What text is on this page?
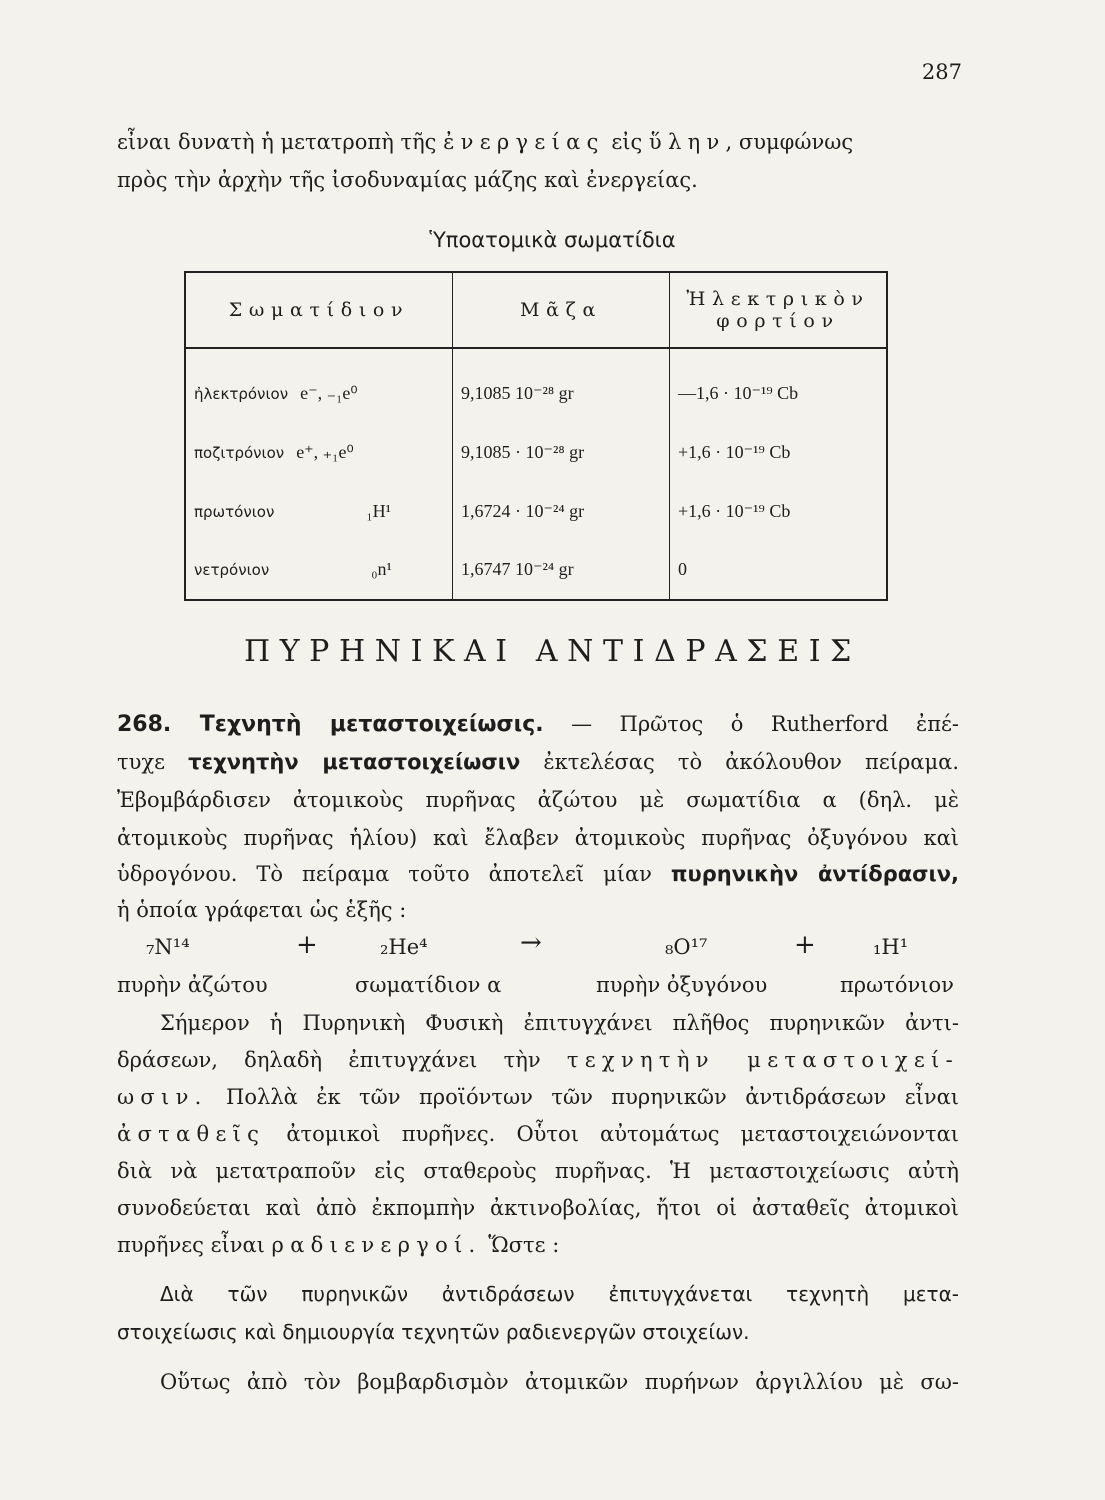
287
εἶναι δυνατὴ ἡ μετατροπὴ τῆς ἐνεργείας εἰς ὕλην, συμφώνως
πρὸς τὴν ἀρχὴν τῆς ἰσοδυναμίας μάζης καὶ ἐνεργείας.
Ὑποατομικὰ σωματίδια
Σωματίδιον	Μᾶζα	Ἠλεκτρικὸν
φορτίον
ἠλεκτρόνιον e⁻, ₋₁e⁰	9,1085 10⁻²⁸ gr	—1,6 · 10⁻¹⁹ Cb
ποζιτρόνιον e⁺, ₊₁e⁰	9,1085 · 10⁻²⁸ gr	+1,6 · 10⁻¹⁹ Cb
πρωτόνιον ₁H¹	1,6724 · 10⁻²⁴ gr	+1,6 · 10⁻¹⁹ Cb
νετρόνιον ₀n¹	1,6747 10⁻²⁴ gr	0
ΠΥΡΗΝΙΚΑΙ ΑΝΤΙΔΡΑΣΕΙΣ
268. Τεχνητὴ μεταστοιχείωσις. — Πρῶτος ὁ Rutherford ἐπέ-
τυχε τεχνητὴν μεταστοιχείωσιν ἐκτελέσας τὸ ἀκόλουθον πείραμα.
Ἐβομβάρδισεν ἀτομικοὺς πυρῆνας ἀζώτου μὲ σωματίδια α (δηλ. μὲ
ἀτομικοὺς πυρῆνας ἡλίου) καὶ ἔλαβεν ἀτομικοὺς πυρῆνας ὀξυγόνου καὶ
ὑδρογόνου. Τὸ πείραμα τοῦτο ἀποτελεῖ μίαν πυρηνικὴν ἀντίδρασιν,
ἡ ὁποία γράφεται ὡς ἑξῆς :
₇N¹⁴	+	₂He⁴	→	₈O¹⁷	+	₁H¹
πυρὴν ἀζώτου	σωματίδιον α	πυρὴν ὀξυγόνου	πρωτόνιον
Σήμερον ἡ Πυρηνικὴ Φυσικὴ ἐπιτυγχάνει πλῆθος πυρηνικῶν ἀντι-
δράσεων, δηλαδὴ ἐπιτυγχάνει τὴν τεχνητὴν μεταστοιχεί-
ωσιν. Πολλὰ ἐκ τῶν προϊόντων τῶν πυρηνικῶν ἀντιδράσεων εἶναι
ἀσταθεῖς ἀτομικοὶ πυρῆνες. Οὗτοι αὐτομάτως μεταστοιχειώνονται
διὰ νὰ μετατραποῦν εἰς σταθεροὺς πυρῆνας. Ἡ μεταστοιχείωσις αὐτὴ
συνοδεύεται καὶ ἀπὸ ἐκπομπὴν ἀκτινοβολίας, ἤτοι οἱ ἀσταθεῖς ἀτομικοὶ
πυρῆνες εἶναι ραδιενεργοί. Ὥστε :
Διὰ τῶν πυρηνικῶν ἀντιδράσεων ἐπιτυγχάνεται τεχνητὴ μετα-
στοιχείωσις καὶ δημιουργία τεχνητῶν ραδιενεργῶν στοιχείων.
Οὕτως ἀπὸ τὸν βομβαρδισμὸν ἀτομικῶν πυρήνων ἀργιλλίου μὲ σω-
